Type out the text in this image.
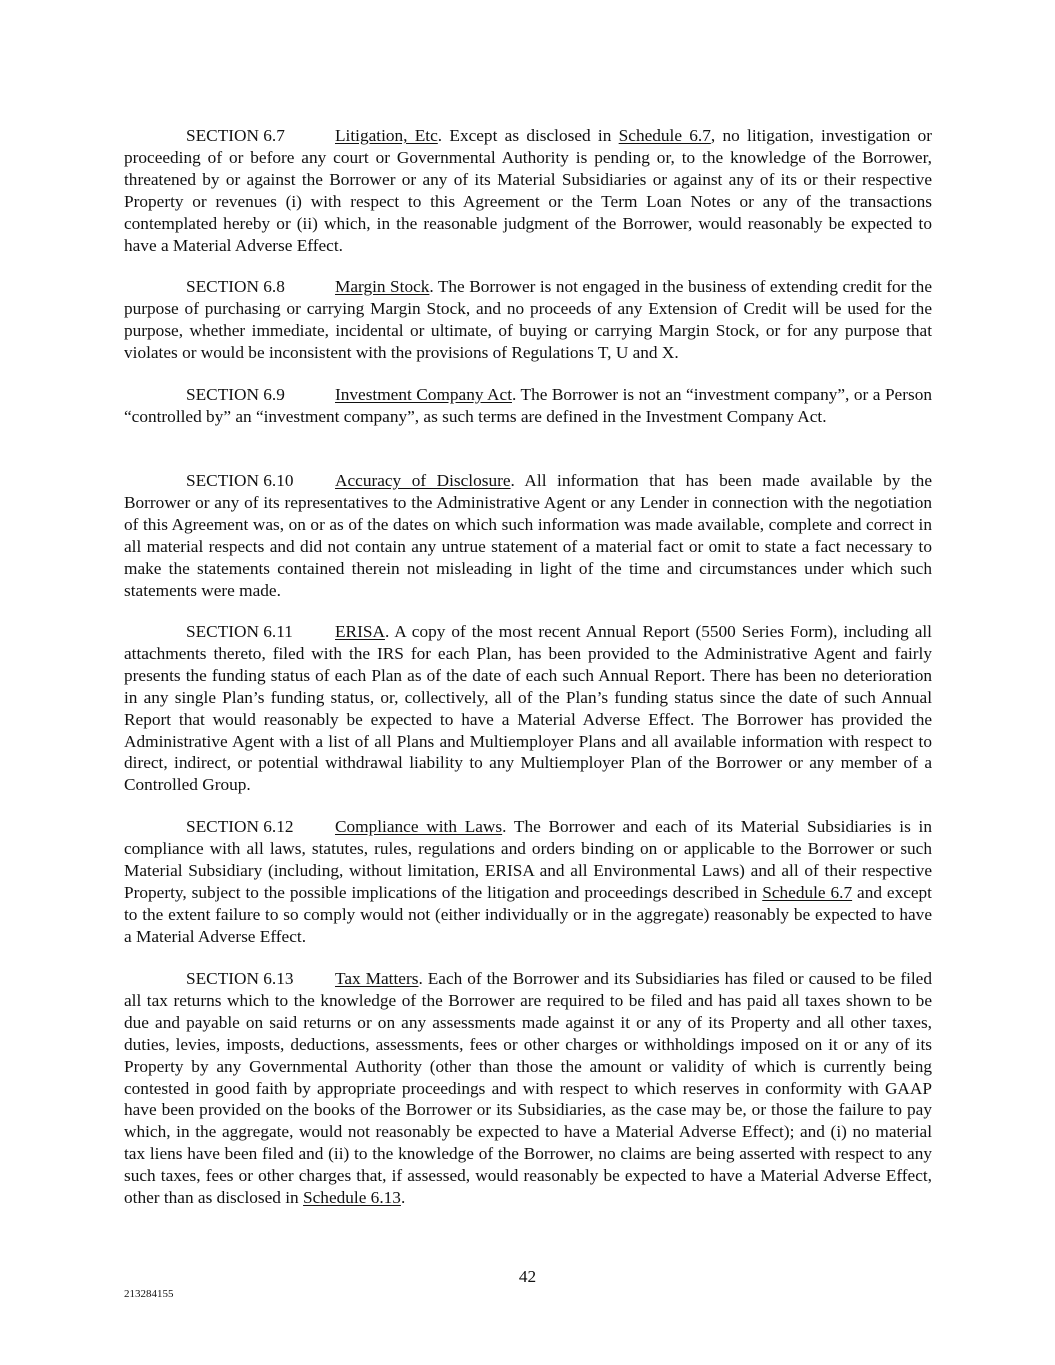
SECTION 6.7	Litigation, Etc. Except as disclosed in Schedule 6.7, no litigation, investigation or proceeding of or before any court or Governmental Authority is pending or, to the knowledge of the Borrower, threatened by or against the Borrower or any of its Material Subsidiaries or against any of its or their respective Property or revenues (i) with respect to this Agreement or the Term Loan Notes or any of the transactions contemplated hereby or (ii) which, in the reasonable judgment of the Borrower, would reasonably be expected to have a Material Adverse Effect.

SECTION 6.8	Margin Stock. The Borrower is not engaged in the business of extending credit for the purpose of purchasing or carrying Margin Stock, and no proceeds of any Extension of Credit will be used for the purpose, whether immediate, incidental or ultimate, of buying or carrying Margin Stock, or for any purpose that violates or would be inconsistent with the provisions of Regulations T, U and X.

SECTION 6.9	Investment Company Act. The Borrower is not an “investment company”, or a Person “controlled by” an “investment company”, as such terms are defined in the Investment Company Act.

SECTION 6.10 Accuracy of Disclosure. All information that has been made available by the Borrower or any of its representatives to the Administrative Agent or any Lender in connection with the negotiation of this Agreement was, on or as of the dates on which such information was made available, complete and correct in all material respects and did not contain any untrue statement of a material fact or omit to state a fact necessary to make the statements contained therein not misleading in light of the time and circumstances under which such statements were made.

SECTION 6.11 ERISA. A copy of the most recent Annual Report (5500 Series Form), including all attachments thereto, filed with the IRS for each Plan, has been provided to the Administrative Agent and fairly presents the funding status of each Plan as of the date of each such Annual Report. There has been no deterioration in any single Plan’s funding status, or, collectively, all of the Plan’s funding status since the date of such Annual Report that would reasonably be expected to have a Material Adverse Effect. The Borrower has provided the Administrative Agent with a list of all Plans and Multiemployer Plans and all available information with respect to direct, indirect, or potential withdrawal liability to any Multiemployer Plan of the Borrower or any member of a Controlled Group.

SECTION 6.12 Compliance with Laws. The Borrower and each of its Material Subsidiaries is in compliance with all laws, statutes, rules, regulations and orders binding on or applicable to the Borrower or such Material Subsidiary (including, without limitation, ERISA and all Environmental Laws) and all of their respective Property, subject to the possible implications of the litigation and proceedings described in Schedule 6.7 and except to the extent failure to so comply would not (either individually or in the aggregate) reasonably be expected to have a Material Adverse Effect.

SECTION 6.13 Tax Matters. Each of the Borrower and its Subsidiaries has filed or caused to be filed all tax returns which to the knowledge of the Borrower are required to be filed and has paid all taxes shown to be due and payable on said returns or on any assessments made against it or any of its Property and all other taxes, duties, levies, imposts, deductions, assessments, fees or other charges or withholdings imposed on it or any of its Property by any Governmental Authority (other than those the amount or validity of which is currently being contested in good faith by appropriate proceedings and with respect to which reserves in conformity with GAAP have been provided on the books of the Borrower or its Subsidiaries, as the case may be, or those the failure to pay which, in the aggregate, would not reasonably be expected to have a Material Adverse Effect); and (i) no material tax liens have been filed and (ii) to the knowledge of the Borrower, no claims are being asserted with respect to any such taxes, fees or other charges that, if assessed, would reasonably be expected to have a Material Adverse Effect, other than as disclosed in Schedule 6.13.

42
213284155
